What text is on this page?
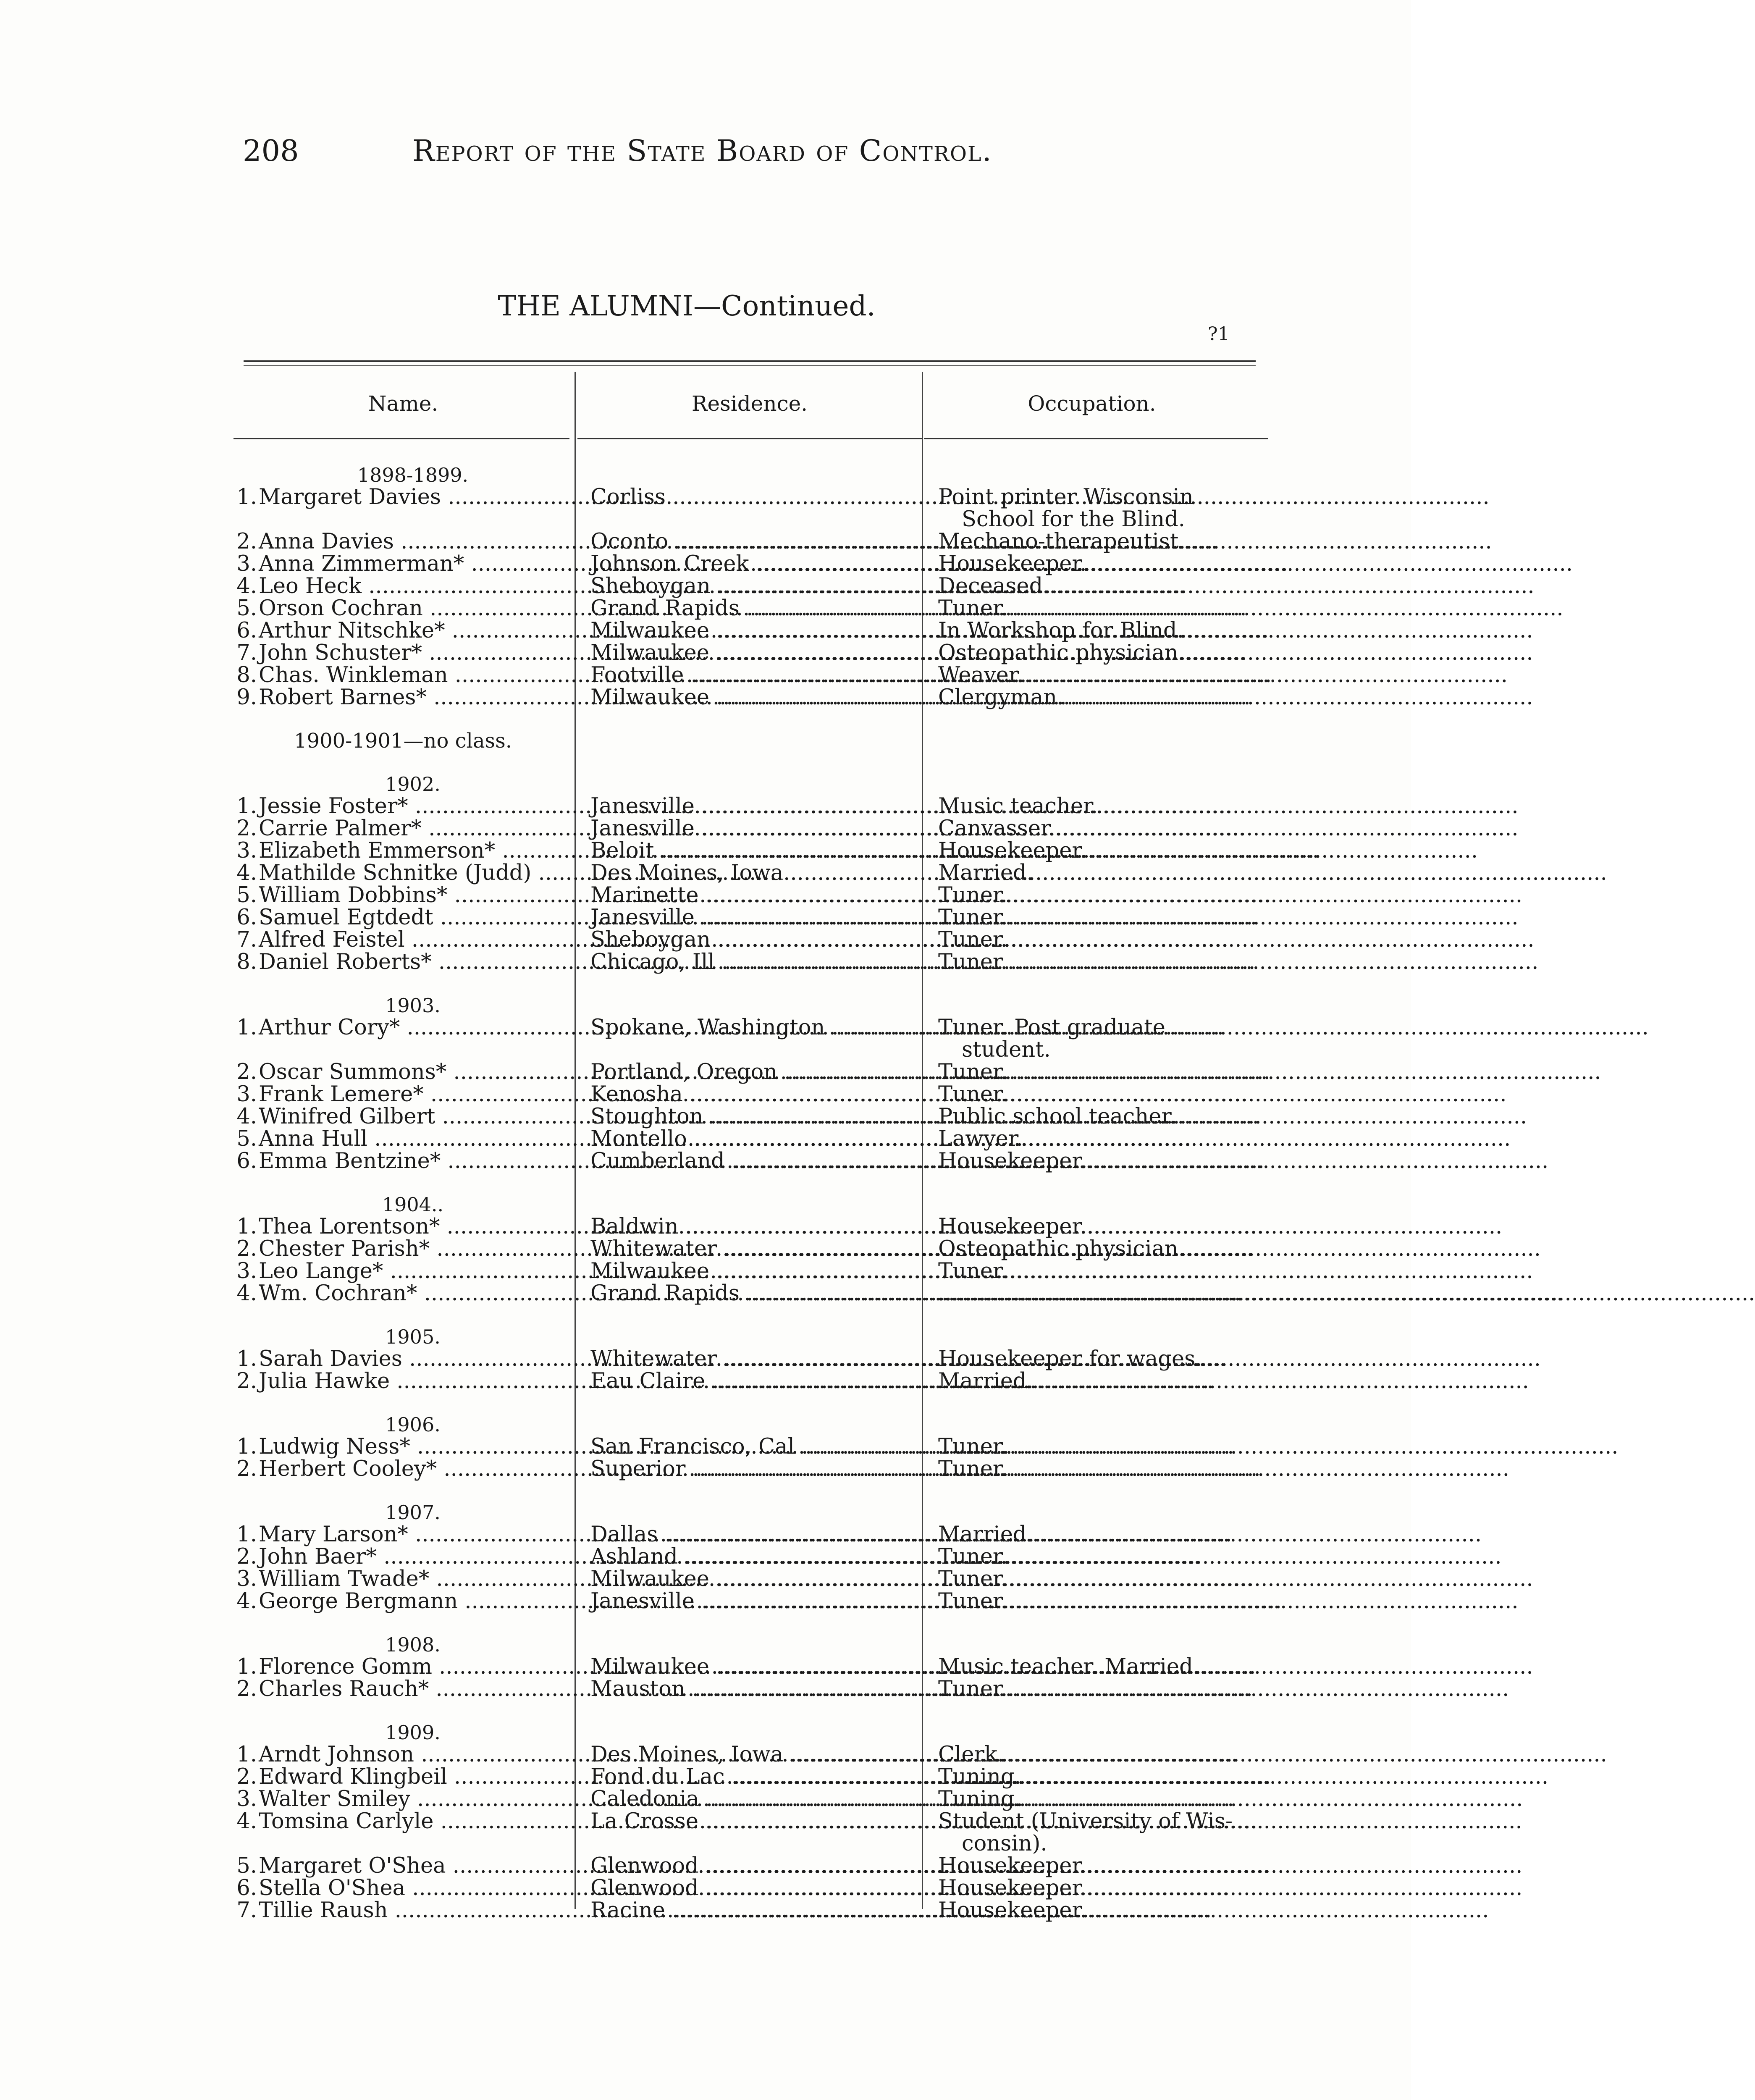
208	Report of the State Board of Control.
THE ALUMNI—Continued.
?1
Name.	Residence.	Occupation.
1898-1899.
1. Margaret Davies .....	Corliss .....	Point printer Wisconsin
School for the Blind.
2. Anna Davies .....	Oconto .....	Mechano-therapeutist.
3. Anna Zimmerman* .....	Johnson Creek .....	Housekeeper.
4. Leo Heck .....	Sheboygan .....	Deceased.
5. Orson Cochran .....	Grand Rapids .....	Tuner.
6. Arthur Nitschke* .....	Milwaukee .....	In Workshop for Blind.
7. John Schuster* .....	Milwaukee .....	Osteopathic physician.
8. Chas. Winkleman .....	Footville .....	Weaver.
9. Robert Barnes* .....	Milwaukee .....	Clergyman.
1900-1901—no class.
1902.
1. Jessie Foster* .....	Janesville .....	Music teacher.
2. Carrie Palmer* .....	Janesville .....	Canvasser.
3. Elizabeth Emmerson* .....	Beloit .....	Housekeeper.
4. Mathilde Schnitke (Judd) .....	Des Moines, Iowa .....	Married.
5. William Dobbins* .....	Marinette .....	Tuner.
6. Samuel Egtdedt .....	Janesville .....	Tuner.
7. Alfred Feistel .....	Sheboygan .....	Tuner.
8. Daniel Roberts* .....	Chicago, Ill .....	Tuner.
1903.
1. Arthur Cory* .....	Spokane, Washington .....	Tuner. Post graduate
student.
2. Oscar Summons* .....	Portland, Oregon .....	Tuner.
3. Frank Lemere* .....	Kenosha .....	Tuner.
4. Winifred Gilbert .....	Stoughton .....	Public school teacher.
5. Anna Hull .....	Montello .....	Lawyer.
6. Emma Bentzine* .....	Cumberland .....	Housekeeper.
1904..
1. Thea Lorentson* .....	Baldwin .....	Housekeeper.
2. Chester Parish* .....	Whitewater .....	Osteopathic physician.
3. Leo Lange* .....	Milwaukee .....	Tuner.
4. Wm. Cochran* .....	Grand Rapids .....	........................................................................................................................
1905.
1. Sarah Davies .....	Whitewater .....	Housekeeper for wages.
2. Julia Hawke .....	Eau Claire .....	Married.
1906.
1. Ludwig Ness* .....	San Francisco, Cal .....	Tuner.
2. Herbert Cooley* .....	Superior .....	Tuner.
1907.
1. Mary Larson* .....	Dallas .....	Married.
2. John Baer* .....	Ashland .....	Tuner.
3. William Twade* .....	Milwaukee .....	Tuner.
4. George Bergmann .....	Janesville .....	Tuner.
1908.
1. Florence Gomm .....	Milwaukee .....	Music teacher. Married.
2. Charles Rauch* .....	Mauston .....	Tuner.
1909.
1. Arndt Johnson .....	Des Moines, Iowa .....	Clerk.
2. Edward Klingbeil .....	Fond du Lac .....	Tuning.
3. Walter Smiley .....	Caledonia .....	Tuning.
4. Tomsina Carlyle .....	La Crosse .....	Student (University of Wis-
consin).
5. Margaret O'Shea .....	Glenwood .....	Housekeeper.
6. Stella O'Shea .....	Glenwood .....	Housekeeper.
7. Tillie Raush .....	Racine .....	Housekeeper.
